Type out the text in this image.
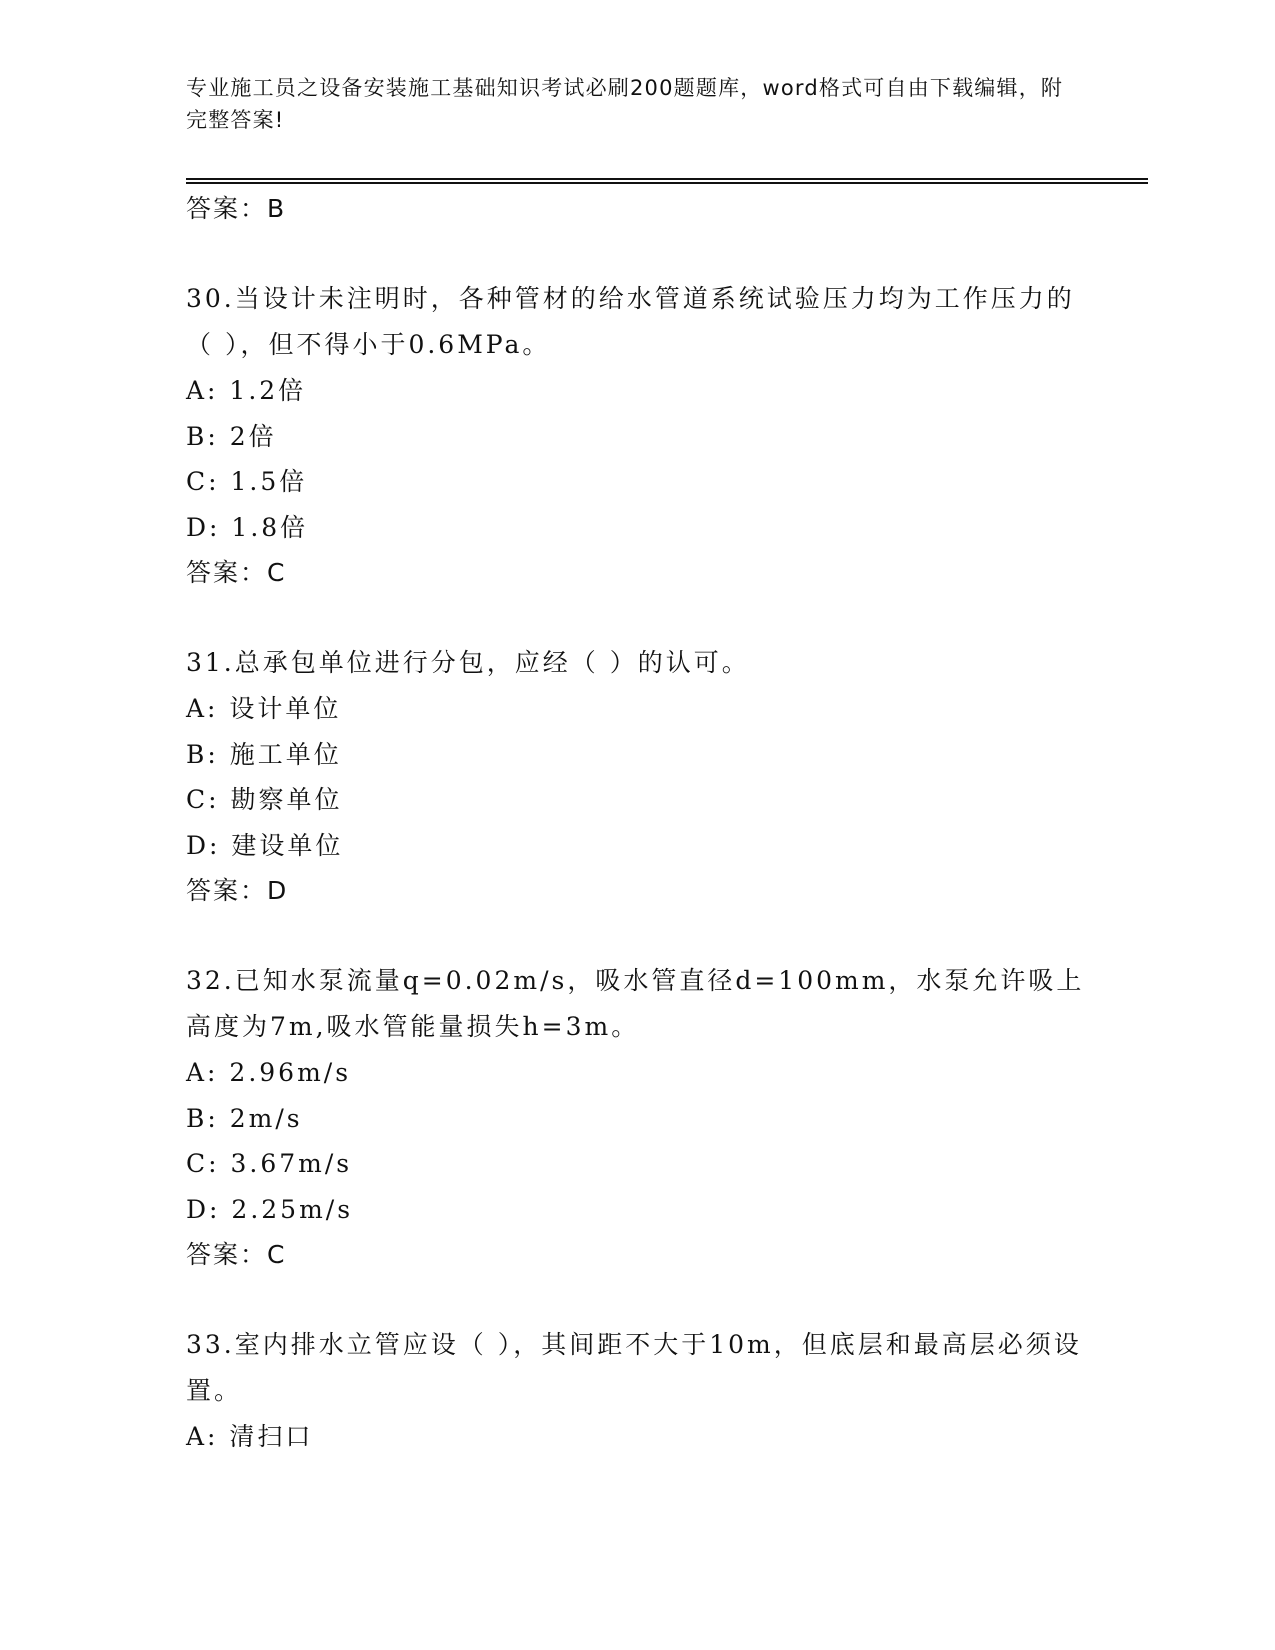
专业施工员之设备安装施工基础知识考试必刷200题题库，word格式可自由下载编辑，附完整答案!
答案：B
30.当设计未注明时，各种管材的给水管道系统试验压力均为工作压力的（ ），但不得小于0.6MPa。
A: 1.2倍
B: 2倍
C: 1.5倍
D: 1.8倍
答案：C
31.总承包单位进行分包，应经（ ）的认可。
A: 设计单位
B: 施工单位
C: 勘察单位
D: 建设单位
答案：D
32.已知水泵流量q=0.02m/s，吸水管直径d=100mm，水泵允许吸上高度为7m,吸水管能量损失h=3m。
A: 2.96m/s
B: 2m/s
C: 3.67m/s
D: 2.25m/s
答案：C
33.室内排水立管应设（ ），其间距不大于10m，但底层和最高层必须设置。
A: 清扫口
